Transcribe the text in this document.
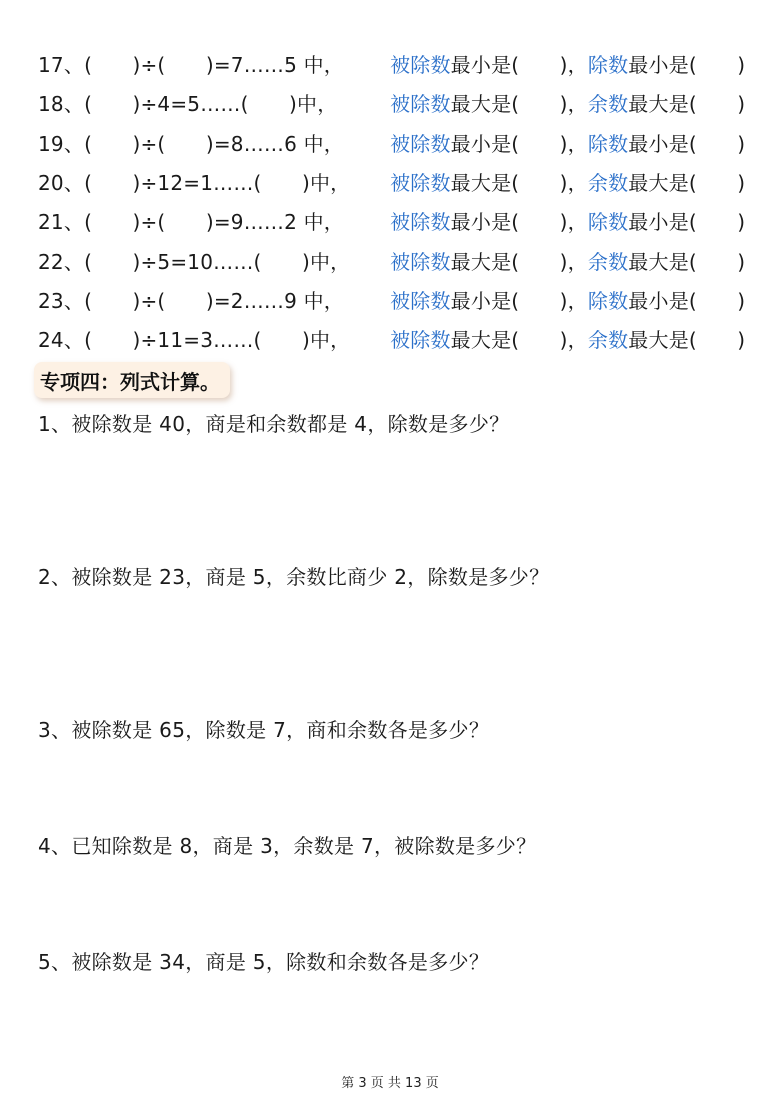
17、 (　　)÷(　　)=7……5 中，	被除数 最小是(　　)， 除数 最小是(　　)
18、 (　　)÷4=5……(　　)中，	被除数 最大是(　　)， 余数 最大是(　　)
19、 (　　)÷(　　)=8……6 中，	被除数 最小是(　　)， 除数 最小是(　　)
20、 (　　)÷12=1……(　　)中，	被除数 最大是(　　)， 余数 最大是(　　)
21、 (　　)÷(　　)=9……2 中，	被除数 最小是(　　)， 除数 最小是(　　)
22、 (　　)÷5=10……(　　)中，	被除数 最大是(　　)， 余数 最大是(　　)
23、 (　　)÷(　　)=2……9 中，	被除数 最小是(　　)， 除数 最小是(　　)
24、 (　　)÷11=3……(　　)中，	被除数 最大是(　　)， 余数 最大是(　　)
专项四：列式计算。
1、被除数是 40，商是和余数都是 4，除数是多少？
2、被除数是 23，商是 5，余数比商少 2，除数是多少？
3、被除数是 65，除数是 7，商和余数各是多少？
4、已知除数是 8，商是 3，余数是 7，被除数是多少？
5、被除数是 34，商是 5，除数和余数各是多少？
第 3 页 共 13 页
